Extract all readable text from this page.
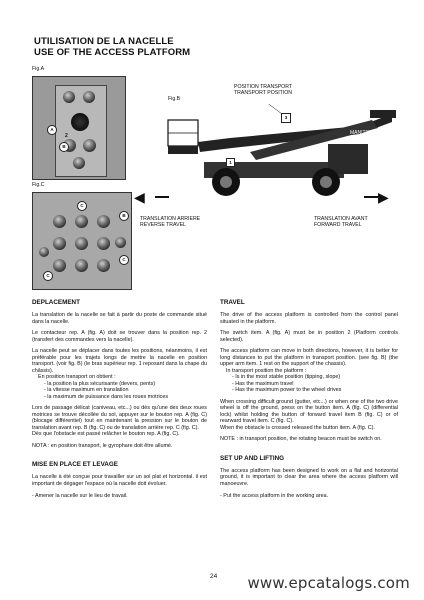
UTILISATION DE LA NACELLE
USE OF THE ACCESS PLATFORM
Fig.A
2
B
A
Fig.B
POSITION TRANSPORT
TRANSPORT POSITION
MANITOU
3
1
◀	▶
TRANSLATION ARRIERE
REVERSE TRAVEL
TRANSLATION AVANT
FORWARD TRAVEL
Fig.C
C
B
C
C
DEPLACEMENT
La translation de la nacelle se fait à partir du poste de commande situé dans la nacelle.
Le contacteur rep. A (fig. A) doit se trouver dans la position rep. 2 (transfert des commandes vers la nacelle).
La nacelle peut se déplacer dans toutes les positions, néanmoins, il est préférable pour les trajets longs de mettre la nacelle en position transport. (voir fig. B) (le bras supérieur rep. 1 reposant dans la chape du châssis).
En position transport on obtient :
- la position la plus sécurisante (devers, pents)
- la vitesse maximum en translation
- la maximum de puissance dans les roues motrices
Lors de passage délicat (caniveau, etc...) ou dès qu'une des deux roues motrices se trouve décollée du sol, appuyer sur le bouton rep. A (fig. C) (blocage différentiel) tout en maintenant la pression sur le bouton de translation avant rep. B (fig. C) ou de translation arrière rep. C (fig. C).
Dès que l'obstacle est passé relâcher le bouton rep. A (fig. C).
NOTA : en position transport, le gyrophare doit être allumé.
MISE EN PLACE ET LEVAGE
La nacelle à été conçue pour travailler sur un sol plat et horizontal. il est important de dégager l'espace où la nacelle doit évoluer.
- Amener la nacelle sur le lieu de travail.
TRAVEL
The drive of the access platform is controlled from the control panel situated in the platform.
The switch item. A (fig. A) must be in position 2 (Platform controls selected).
The access platform can move in both directions, however, it is better for long distances to put the platform in transport position. (see fig. B) (the upper arm item. 1 rest on the support of the chassis).
In transport position the platform :
- Is in the most stable position (tipping, slope)
- Has the maximum travel
- Has the maximum power to the wheel drives
When crossing difficult ground (gutter, etc...) or when one of the two drive wheel is off the ground, press on the button item. A (fig. C) (differential lock) whilst holding the button of forward travel item B (fig. C) or of rearward travel item. C (fig. C).
When the obstacle is crossed released the button item. A (fig. C).
NOTE : in transport position, the rotating beacon must be switch on.
SET UP AND LIFTING
The access platform has been designed to work on a flat and horizontal ground, it is important to clear the area where the access platform will manoeuvre.
- Put the access platform in the working area.
24 www.epcatalogs.com
